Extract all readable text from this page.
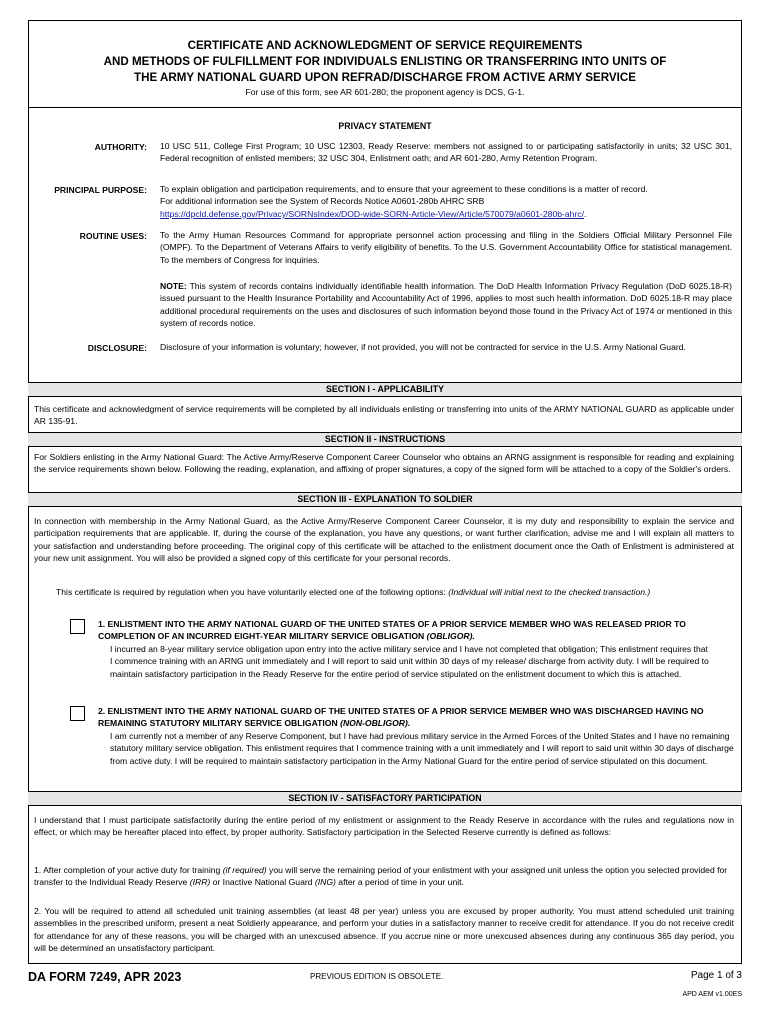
CERTIFICATE AND ACKNOWLEDGMENT OF SERVICE REQUIREMENTS
AND METHODS OF FULFILLMENT FOR INDIVIDUALS ENLISTING OR TRANSFERRING INTO UNITS OF
THE ARMY NATIONAL GUARD UPON REFRAD/DISCHARGE FROM ACTIVE ARMY SERVICE
For use of this form, see AR 601-280; the proponent agency is DCS, G-1.
PRIVACY STATEMENT
AUTHORITY: 10 USC 511, College First Program; 10 USC 12303, Ready Reserve: members not assigned to or participating satisfactorily in units; 32 USC 301, Federal recognition of enlisted members; 32 USC 304, Enlistment oath; and AR 601-280, Army Retention Program.
PRINCIPAL PURPOSE: To explain obligation and participation requirements, and to ensure that your agreement to these conditions is a matter of record.
For additional information see the System of Records Notice A0601-280b AHRC SRB
https://dpcld.defense.gov/Privacy/SORNsIndex/DOD-wide-SORN-Article-View/Article/570079/a0601-280b-ahrc/.
ROUTINE USES: To the Army Human Resources Command for appropriate personnel action processing and filing in the Soldiers Official Military Personnel File (OMPF). To the Department of Veterans Affairs to verify eligibility of benefits. To the U.S. Government Accountability Office for statistical management. To the members of Congress for inquiries.
NOTE: This system of records contains individually identifiable health information. The DoD Health Information Privacy Regulation (DoD 6025.18-R) issued pursuant to the Health Insurance Portability and Accountability Act of 1996, applies to most such health information. DoD 6025.18-R may place additional procedural requirements on the uses and disclosures of such information beyond those found in the Privacy Act of 1974 or mentioned in this system of records notice.
DISCLOSURE: Disclosure of your information is voluntary; however, if not provided, you will not be contracted for service in the U.S. Army National Guard.
SECTION I - APPLICABILITY
This certificate and acknowledgment of service requirements will be completed by all individuals enlisting or transferring into units of the ARMY NATIONAL GUARD as applicable under AR 135-91.
SECTION II - INSTRUCTIONS
For Soldiers enlisting in the Army National Guard: The Active Army/Reserve Component Career Counselor who obtains an ARNG assignment is responsible for reading and explaining the service requirements shown below. Following the reading, explanation, and affixing of proper signatures, a copy of the signed form will be attached to a copy of the Soldier's orders.
SECTION III - EXPLANATION TO SOLDIER
In connection with membership in the Army National Guard, as the Active Army/Reserve Component Career Counselor, it is my duty and responsibility to explain the service and participation requirements that are applicable. If, during the course of the explanation, you have any questions, or want further clarification, advise me and I will explain all matters to your satisfaction and understanding before proceeding. The original copy of this certificate will be attached to the enlistment document once the Oath of Enlistment is administered at your new unit assignment. You will also be provided a signed copy of this certificate for your personal records.
This certificate is required by regulation when you have voluntarily elected one of the following options: (Individual will initial next to the checked transaction.)
1. ENLISTMENT INTO THE ARMY NATIONAL GUARD OF THE UNITED STATES OF A PRIOR SERVICE MEMBER WHO WAS RELEASED PRIOR TO COMPLETION OF AN INCURRED EIGHT-YEAR MILITARY SERVICE OBLIGATION (OBLIGOR).
I incurred an 8-year military service obligation upon entry into the active military service and I have not completed that obligation; This enlistment requires that I commence training with an ARNG unit immediately and I will report to said unit within 30 days of my release/ discharge from activity duty. I will be required to maintain satisfactory participation in the Ready Reserve for the entire period of service stipulated on the enlistment document to which this is attached.
2. ENLISTMENT INTO THE ARMY NATIONAL GUARD OF THE UNITED STATES OF A PRIOR SERVICE MEMBER WHO WAS DISCHARGED HAVING NO REMAINING STATUTORY MILITARY SERVICE OBLIGATION (NON-OBLIGOR).
I am currently not a member of any Reserve Component, but I have had previous military service in the Armed Forces of the United States and I have no remaining statutory military service obligation. This enlistment requires that I commence training with a unit immediately and I will report to said unit within 30 days of discharge from active duty. I will be required to maintain satisfactory participation in the Army National Guard for the entire period of service stipulated on this document.
SECTION IV - SATISFACTORY PARTICIPATION
I understand that I must participate satisfactorily during the entire period of my enlistment or assignment to the Ready Reserve in accordance with the rules and regulations now in effect, or which may be hereafter placed into effect, by proper authority. Satisfactory participation in the Selected Reserve currently is defined as follows:
1. After completion of your active duty for training (if required) you will serve the remaining period of your enlistment with your assigned unit unless the option you selected provided for transfer to the Individual Ready Reserve (IRR) or Inactive National Guard (ING) after a period of time in your unit.
2. You will be required to attend all scheduled unit training assemblies (at least 48 per year) unless you are excused by proper authority. You must attend scheduled unit training assemblies in the prescribed uniform, present a neat Soldierly appearance, and perform your duties in a satisfactory manner to receive credit for attendance. If you do not receive credit for attendance for any of these reasons, you will be charged with an unexcused absence. If you accrue nine or more unexcused absences during any continuous 365 day period, you will be determined an unsatisfactory participant.
DA FORM 7249, APR 2023	PREVIOUS EDITION IS OBSOLETE.	Page 1 of 3
APD AEM v1.00ES
